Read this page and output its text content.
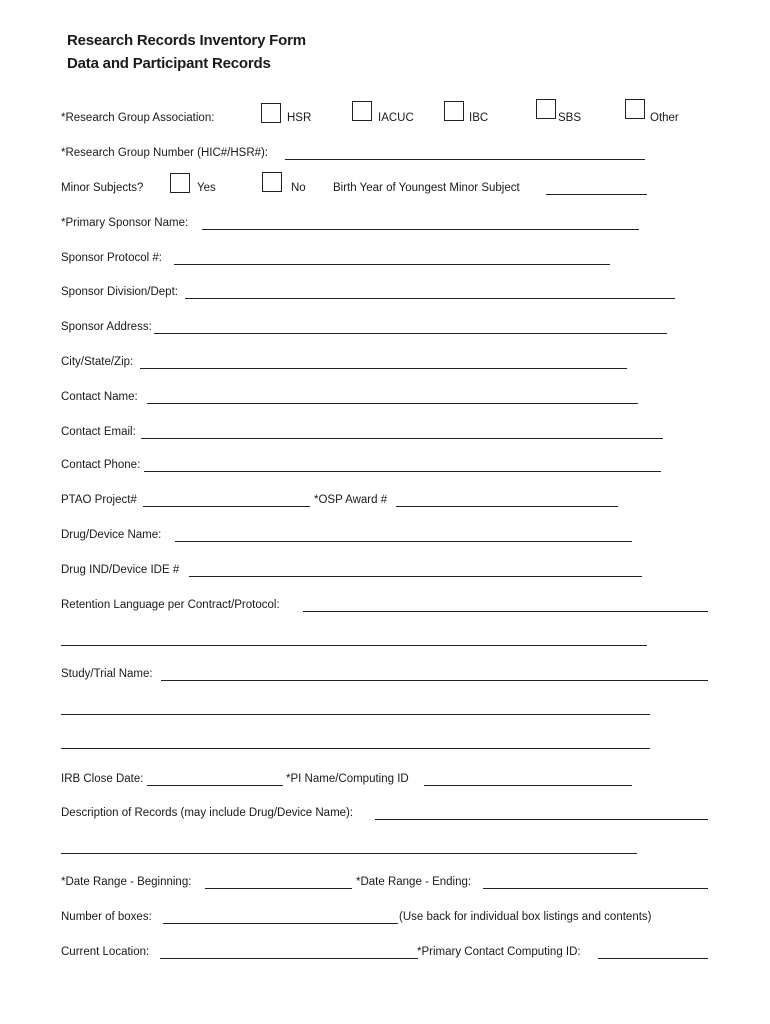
Research Records Inventory Form
Data and Participant Records
*Research Group Association:	HSR	IACUC	IBC	SBS	Other
*Research Group Number (HIC#/HSR#):
Minor Subjects?	Yes	No Birth Year of Youngest Minor Subject
*Primary Sponsor Name:
Sponsor Protocol #:
Sponsor Division/Dept:
Sponsor Address:
City/State/Zip:
Contact Name:
Contact Email:
Contact Phone:
PTAO Project#	*OSP Award #
Drug/Device Name:
Drug IND/Device IDE #
Retention Language per Contract/Protocol:
Study/Trial Name:
IRB Close Date:	*PI Name/Computing ID
Description of Records (may include Drug/Device Name):
*Date Range - Beginning:	*Date Range - Ending:
Number of boxes:	(Use back for individual box listings and contents)
Current Location:	*Primary Contact Computing ID:
